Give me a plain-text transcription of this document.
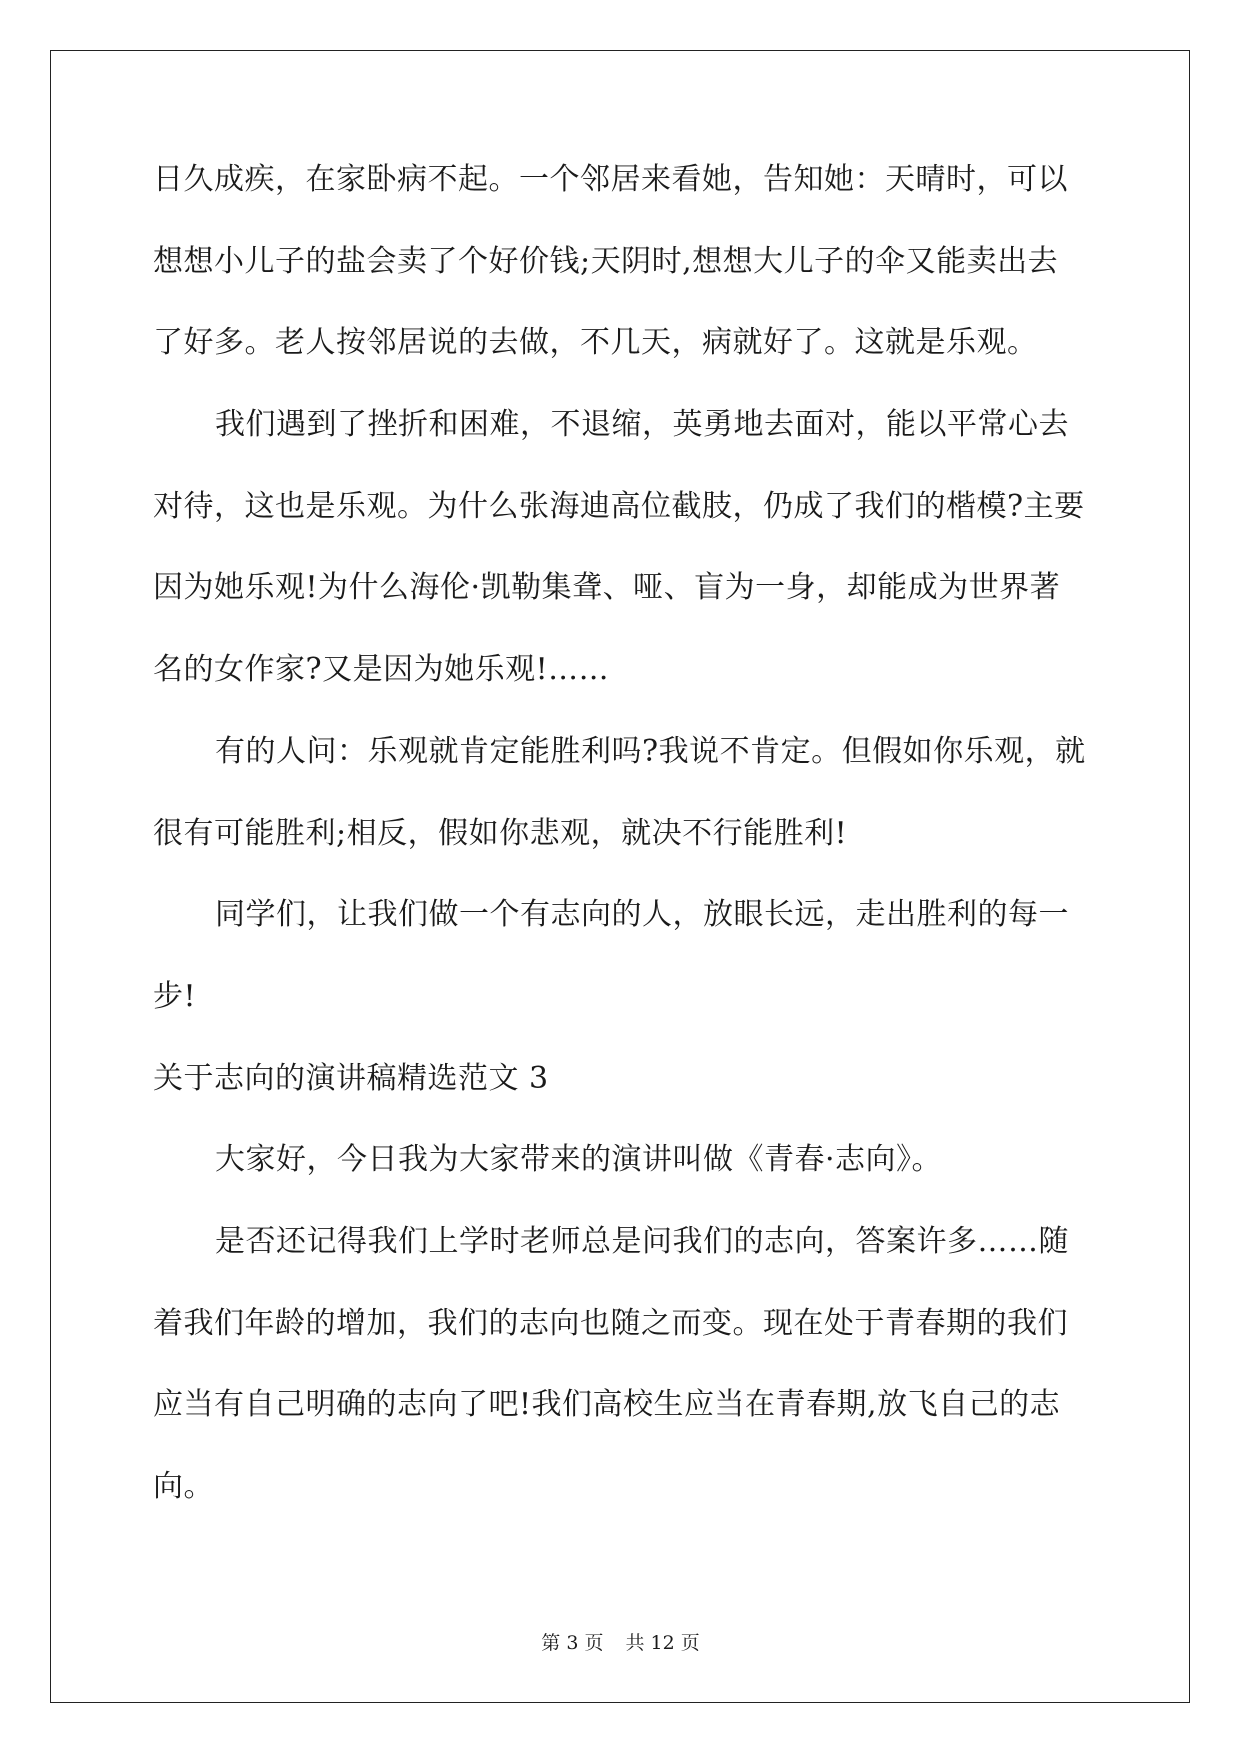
日久成疾，在家卧病不起。一个邻居来看她，告知她：天晴时，可以
想想小儿子的盐会卖了个好价钱;天阴时,想想大儿子的伞又能卖出去
了好多。老人按邻居说的去做，不几天，病就好了。这就是乐观。
我们遇到了挫折和困难，不退缩，英勇地去面对，能以平常心去
对待，这也是乐观。为什么张海迪高位截肢，仍成了我们的楷模?主要
因为她乐观!为什么海伦·凯勒集聋、哑、盲为一身，却能成为世界著
名的女作家?又是因为她乐观!……
有的人问：乐观就肯定能胜利吗?我说不肯定。但假如你乐观，就
很有可能胜利;相反，假如你悲观，就决不行能胜利!
同学们，让我们做一个有志向的人，放眼长远，走出胜利的每一
步!
关于志向的演讲稿精选范文 3
大家好，今日我为大家带来的演讲叫做《青春·志向》。
是否还记得我们上学时老师总是问我们的志向，答案许多……随
着我们年龄的增加，我们的志向也随之而变。现在处于青春期的我们
应当有自己明确的志向了吧!我们高校生应当在青春期,放飞自己的志
向。
第 3 页 共 12 页
